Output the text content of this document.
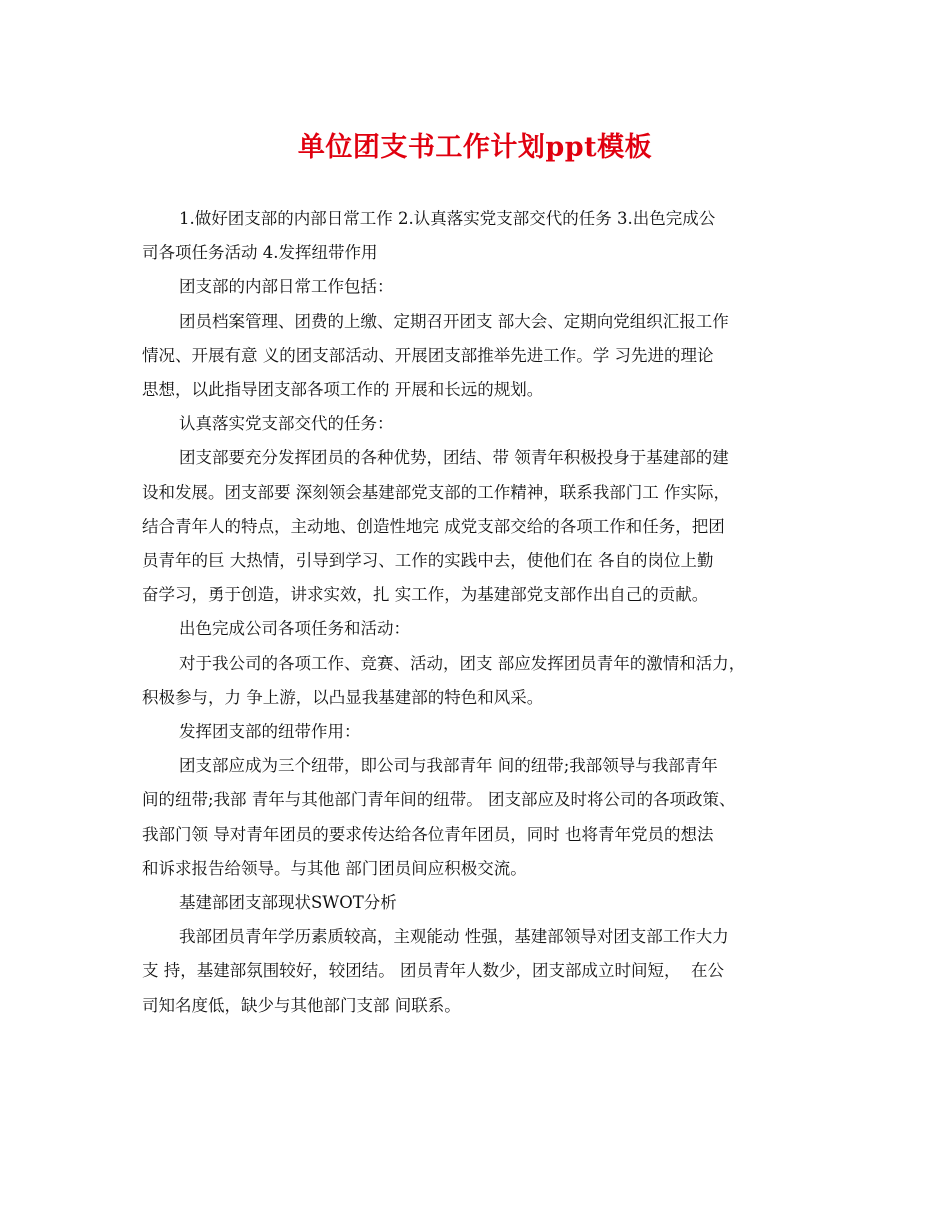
单位团支书工作计划ppt模板
1.做好团支部的内部日常工作 2.认真落实党支部交代的任务 3.出色完成公
司各项任务活动 4.发挥纽带作用
团支部的内部日常工作包括：
团员档案管理、团费的上缴、定期召开团支 部大会、定期向党组织汇报工作
情况、开展有意 义的团支部活动、开展团支部推举先进工作。学 习先进的理论
思想，以此指导团支部各项工作的 开展和长远的规划。
认真落实党支部交代的任务：
团支部要充分发挥团员的各种优势，团结、带 领青年积极投身于基建部的建
设和发展。团支部要 深刻领会基建部党支部的工作精神，联系我部门工 作实际，
结合青年人的特点，主动地、创造性地完 成党支部交给的各项工作和任务，把团
员青年的巨 大热情，引导到学习、工作的实践中去，使他们在 各自的岗位上勤
奋学习，勇于创造，讲求实效，扎 实工作，为基建部党支部作出自己的贡献。
出色完成公司各项任务和活动：
对于我公司的各项工作、竞赛、活动，团支 部应发挥团员青年的激情和活力，
积极参与，力 争上游，以凸显我基建部的特色和风采。
发挥团支部的纽带作用：
团支部应成为三个纽带，即公司与我部青年 间的纽带;我部领导与我部青年
间的纽带;我部 青年与其他部门青年间的纽带。 团支部应及时将公司的各项政策、
我部门领 导对青年团员的要求传达给各位青年团员，同时 也将青年党员的想法
和诉求报告给领导。与其他 部门团员间应积极交流。
基建部团支部现状SWOT分析
我部团员青年学历素质较高，主观能动 性强，基建部领导对团支部工作大力
支 持，基建部氛围较好，较团结。 团员青年人数少，团支部成立时间短，  在公
司知名度低，缺少与其他部门支部 间联系。
